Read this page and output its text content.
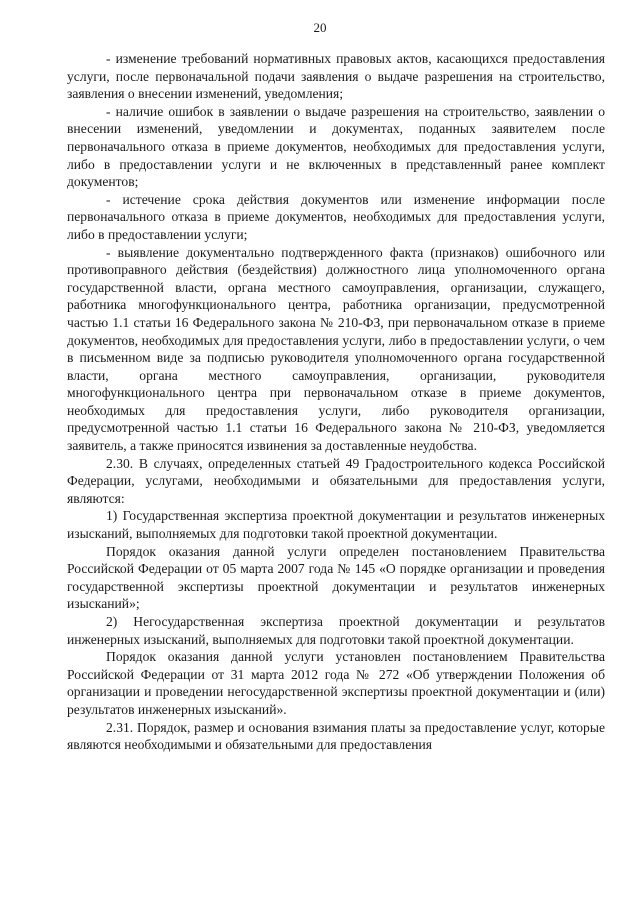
20

- изменение требований нормативных правовых актов, касающихся предоставления услуги, после первоначальной подачи заявления о выдаче разрешения на строительство, заявления о внесении изменений, уведомления;

- наличие ошибок в заявлении о выдаче разрешения на строительство, заявлении о внесении изменений, уведомлении и документах, поданных заявителем после первоначального отказа в приеме документов, необходимых для предоставления услуги, либо в предоставлении услуги и не включенных в представленный ранее комплект документов;

- истечение срока действия документов или изменение информации после первоначального отказа в приеме документов, необходимых для предоставления услуги, либо в предоставлении услуги;

- выявление документально подтвержденного факта (признаков) ошибочного или противоправного действия (бездействия) должностного лица уполномоченного органа государственной власти, органа местного самоуправления, организации, служащего, работника многофункционального центра, работника организации, предусмотренной частью 1.1 статьи 16 Федерального закона № 210-ФЗ, при первоначальном отказе в приеме документов, необходимых для предоставления услуги, либо в предоставлении услуги, о чем в письменном виде за подписью руководителя уполномоченного органа государственной власти, органа местного самоуправления, организации, руководителя многофункционального центра при первоначальном отказе в приеме документов, необходимых для предоставления услуги, либо руководителя организации, предусмотренной частью 1.1 статьи 16 Федерального закона № 210-ФЗ, уведомляется заявитель, а также приносятся извинения за доставленные неудобства.

2.30. В случаях, определенных статьей 49 Градостроительного кодекса Российской Федерации, услугами, необходимыми и обязательными для предоставления услуги, являются:

1) Государственная экспертиза проектной документации и результатов инженерных изысканий, выполняемых для подготовки такой проектной документации.

Порядок оказания данной услуги определен постановлением Правительства Российской Федерации от 05 марта 2007 года № 145 «О порядке организации и проведения государственной экспертизы проектной документации и результатов инженерных изысканий»;

2) Негосударственная экспертиза проектной документации и результатов инженерных изысканий, выполняемых для подготовки такой проектной документации.

Порядок оказания данной услуги установлен постановлением Правительства Российской Федерации от 31 марта 2012 года № 272 «Об утверждении Положения об организации и проведении негосударственной экспертизы проектной документации и (или) результатов инженерных изысканий».

2.31. Порядок, размер и основания взимания платы за предоставление услуг, которые являются необходимыми и обязательными для предоставления
